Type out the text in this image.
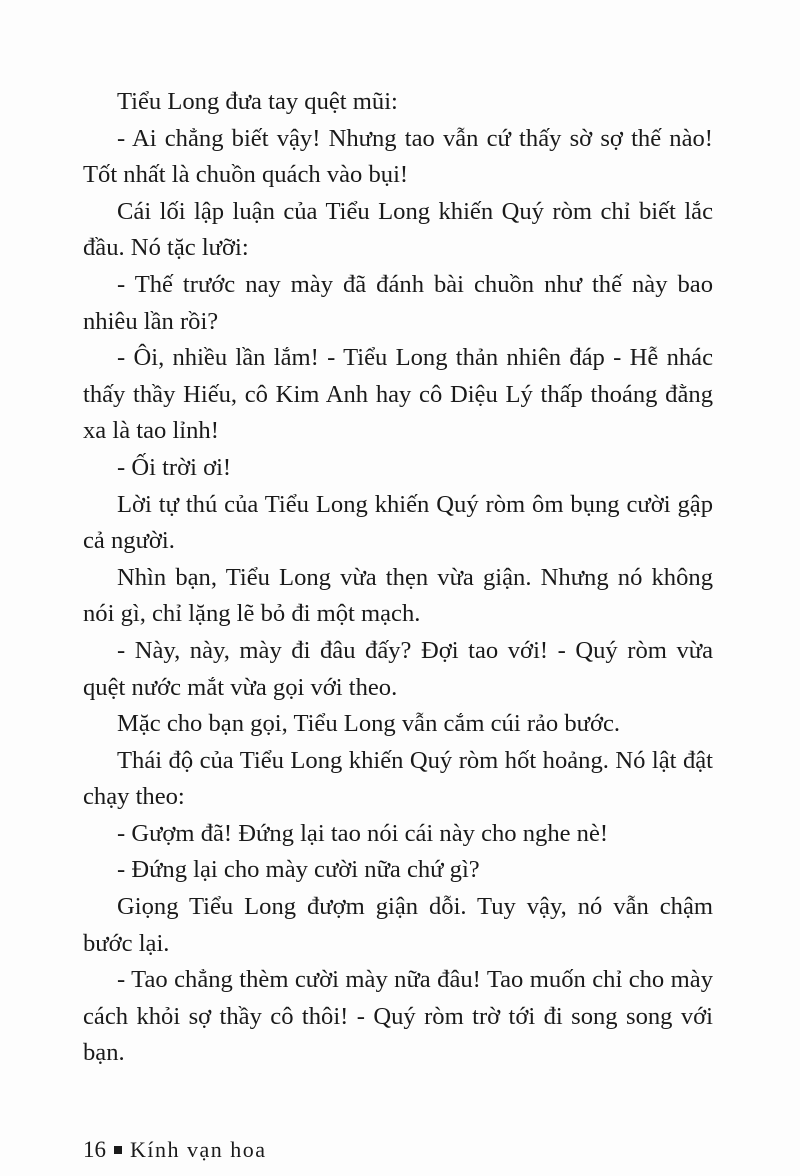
Tiểu Long đưa tay quệt mũi:

- Ai chẳng biết vậy! Nhưng tao vẫn cứ thấy sờ sợ thế nào! Tốt nhất là chuồn quách vào bụi!

Cái lối lập luận của Tiểu Long khiến Quý ròm chỉ biết lắc đầu. Nó tặc lưỡi:

- Thế trước nay mày đã đánh bài chuồn như thế này bao nhiêu lần rồi?

- Ôi, nhiều lần lắm! - Tiểu Long thản nhiên đáp - Hễ nhác thấy thầy Hiếu, cô Kim Anh hay cô Diệu Lý thấp thoáng đằng xa là tao lỉnh!

- Ối trời ơi!

Lời tự thú của Tiểu Long khiến Quý ròm ôm bụng cười gập cả người.

Nhìn bạn, Tiểu Long vừa thẹn vừa giận. Nhưng nó không nói gì, chỉ lặng lẽ bỏ đi một mạch.

- Này, này, mày đi đâu đấy? Đợi tao với! - Quý ròm vừa quệt nước mắt vừa gọi với theo.

Mặc cho bạn gọi, Tiểu Long vẫn cắm cúi rảo bước.

Thái độ của Tiểu Long khiến Quý ròm hốt hoảng. Nó lật đật chạy theo:

- Gượm đã! Đứng lại tao nói cái này cho nghe nè!

- Đứng lại cho mày cười nữa chứ gì?

Giọng Tiểu Long đượm giận dỗi. Tuy vậy, nó vẫn chậm bước lại.

- Tao chẳng thèm cười mày nữa đâu! Tao muốn chỉ cho mày cách khỏi sợ thầy cô thôi! - Quý ròm trờ tới đi song song với bạn.

16 Kính vạn hoa
